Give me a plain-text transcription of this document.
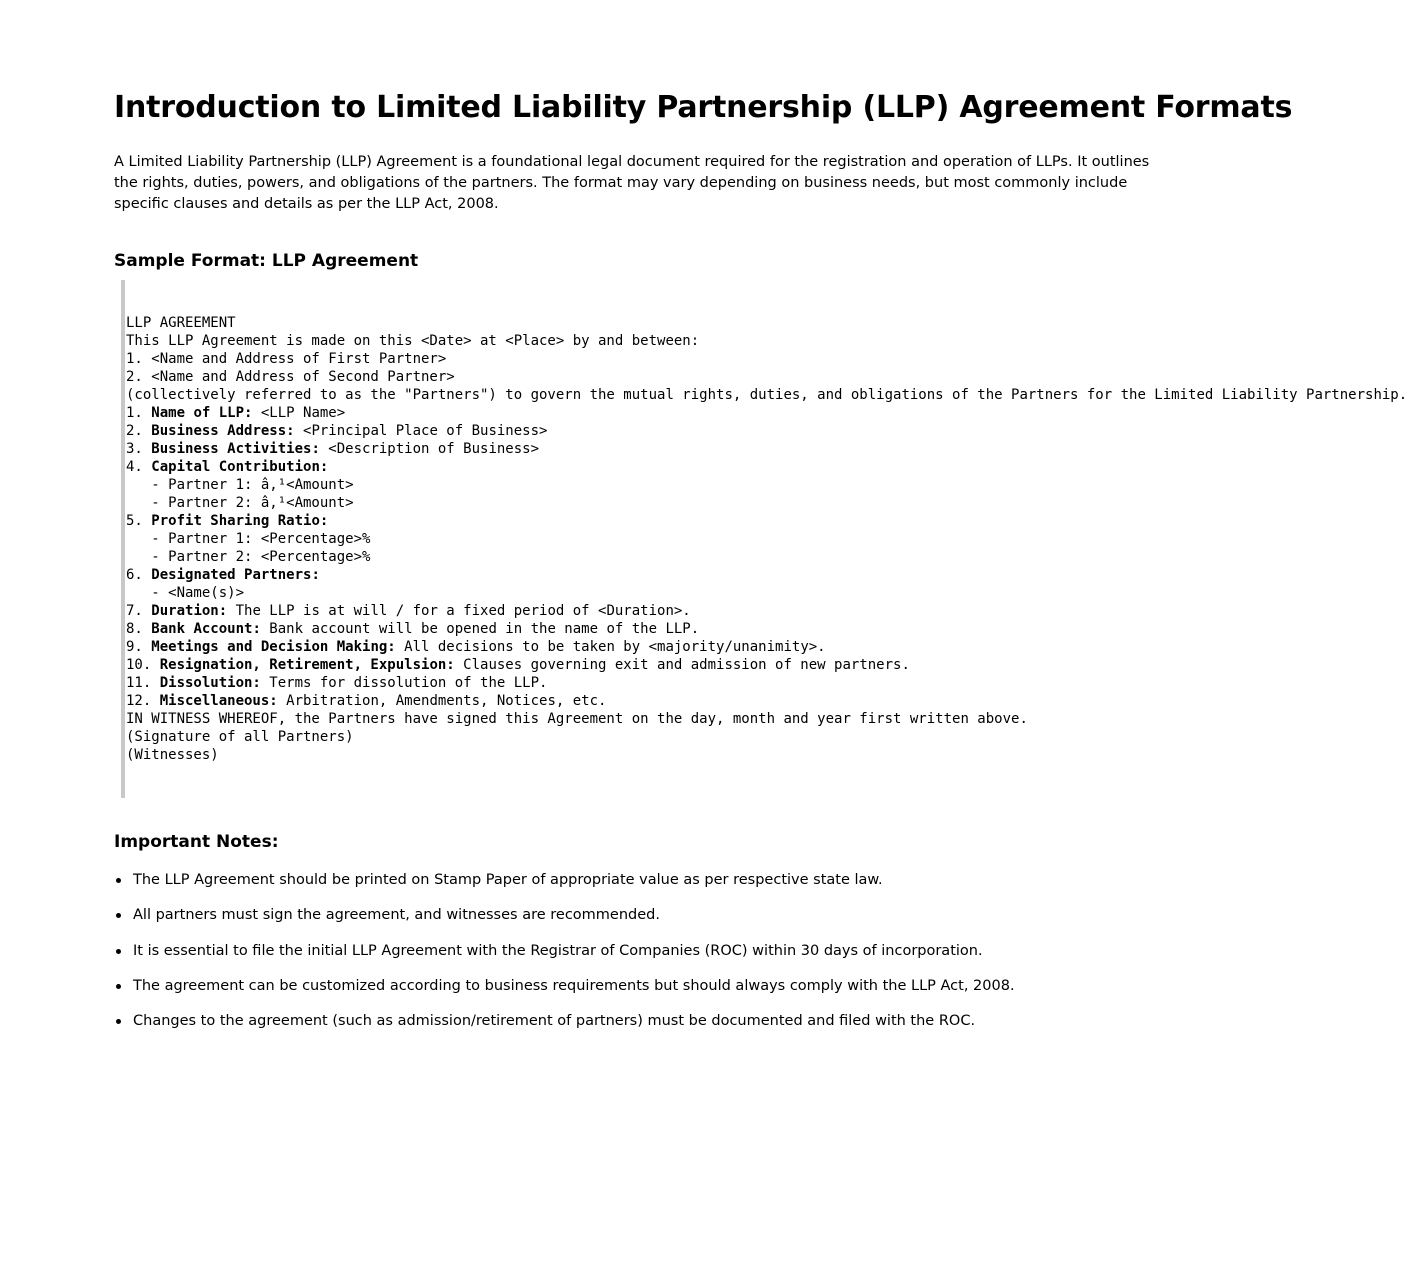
Introduction to Limited Liability Partnership (LLP) Agreement Formats

A Limited Liability Partnership (LLP) Agreement is a foundational legal document required for the registration and operation of LLPs. It outlines the rights, duties, powers, and obligations of the partners. The format may vary depending on business needs, but most commonly include specific clauses and details as per the LLP Act, 2008.

Sample Format: LLP Agreement
LLP AGREEMENT
This LLP Agreement is made on this <Date> at <Place> by and between:
1. <Name and Address of First Partner>
2. <Name and Address of Second Partner>
(collectively referred to as the "Partners") to govern the mutual rights, duties, and obligations of the Partners for the Limited Liability Partnership.
1. Name of LLP: <LLP Name>
2. Business Address: <Principal Place of Business>
3. Business Activities: <Description of Business>
4. Capital Contribution:
- Partner 1: â‚¹<Amount>
- Partner 2: â‚¹<Amount>
5. Profit Sharing Ratio:
- Partner 1: <Percentage>%
- Partner 2: <Percentage>%
6. Designated Partners:
- <Name(s)>
7. Duration: The LLP is at will / for a fixed period of <Duration>.
8. Bank Account: Bank account will be opened in the name of the LLP.
9. Meetings and Decision Making: All decisions to be taken by <majority/unanimity>.
10. Resignation, Retirement, Expulsion: Clauses governing exit and admission of new partners.
11. Dissolution: Terms for dissolution of the LLP.
12. Miscellaneous: Arbitration, Amendments, Notices, etc.
IN WITNESS WHEREOF, the Partners have signed this Agreement on the day, month and year first written above.
(Signature of all Partners)
(Witnesses)
Important Notes:
The LLP Agreement should be printed on Stamp Paper of appropriate value as per respective state law.
All partners must sign the agreement, and witnesses are recommended.
It is essential to file the initial LLP Agreement with the Registrar of Companies (ROC) within 30 days of incorporation.
The agreement can be customized according to business requirements but should always comply with the LLP Act, 2008.
Changes to the agreement (such as admission/retirement of partners) must be documented and filed with the ROC.
